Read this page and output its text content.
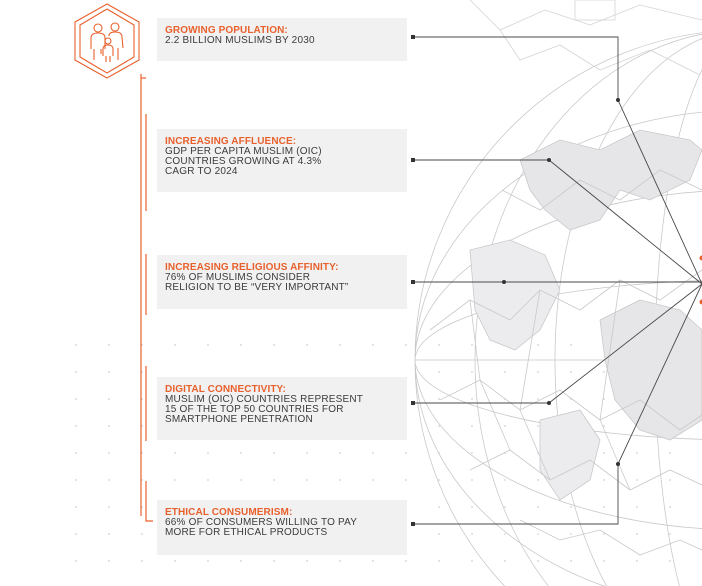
GROWING POPULATION:
2.2 BILLION MUSLIMS BY 2030
INCREASING AFFLUENCE:
GDP PER CAPITA MUSLIM (OIC)
COUNTRIES GROWING AT 4.3%
CAGR TO 2024
INCREASING RELIGIOUS AFFINITY:
76% OF MUSLIMS CONSIDER
RELIGION TO BE “VERY IMPORTANT”
DIGITAL CONNECTIVITY:
MUSLIM (OIC) COUNTRIES REPRESENT
15 OF THE TOP 50 COUNTRIES FOR
SMARTPHONE PENETRATION
ETHICAL CONSUMERISM:
66% OF CONSUMERS WILLING TO PAY
MORE FOR ETHICAL PRODUCTS
